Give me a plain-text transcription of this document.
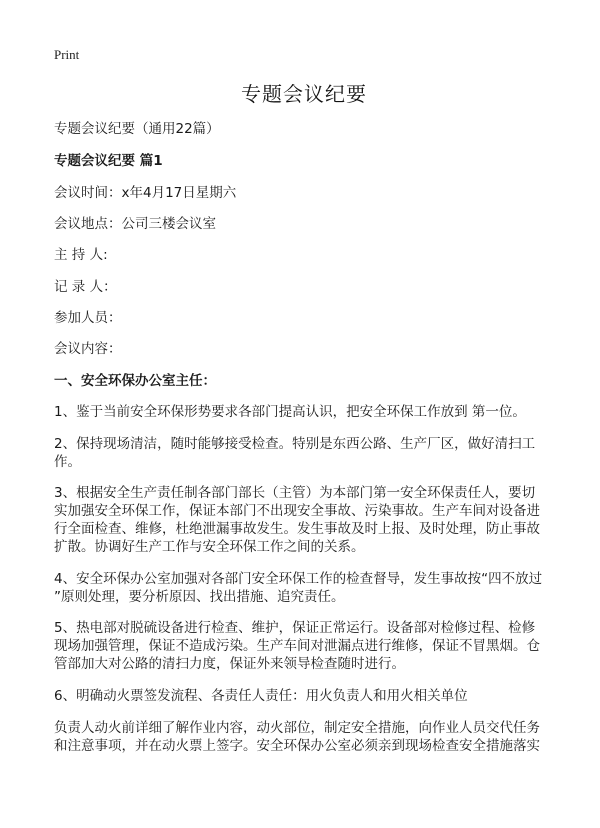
Print
专题会议纪要
专题会议纪要（通用22篇）
专题会议纪要 篇1
会议时间：x年4月17日星期六
会议地点：公司三楼会议室
主 持 人:
记 录 人：
参加人员：
会议内容：
一、安全环保办公室主任：
1、鉴于当前安全环保形势要求各部门提高认识，把安全环保工作放到 第一位。
2、保持现场清洁，随时能够接受检查。特别是东西公路、生产厂区，做好清扫工
作。
3、根据安全生产责任制各部门部长（主管）为本部门第一安全环保责任人，要切
实加强安全环保工作，保证本部门不出现安全事故、污染事故。生产车间对设备进
行全面检查、维修，杜绝泄漏事故发生。发生事故及时上报、及时处理，防止事故
扩散。协调好生产工作与安全环保工作之间的关系。
4、安全环保办公室加强对各部门安全环保工作的检查督导，发生事故按“四不放过
”原则处理，要分析原因、找出措施、追究责任。
5、热电部对脱硫设备进行检查、维护，保证正常运行。设备部对检修过程、检修
现场加强管理，保证不造成污染。生产车间对泄漏点进行维修，保证不冒黑烟。仓
管部加大对公路的清扫力度，保证外来领导检查随时进行。
6、明确动火票签发流程、各责任人责任：用火负责人和用火相关单位
负责人动火前详细了解作业内容，动火部位，制定安全措施，向作业人员交代任务
和注意事项，并在动火票上签字。安全环保办公室必须亲到现场检查安全措施落实
